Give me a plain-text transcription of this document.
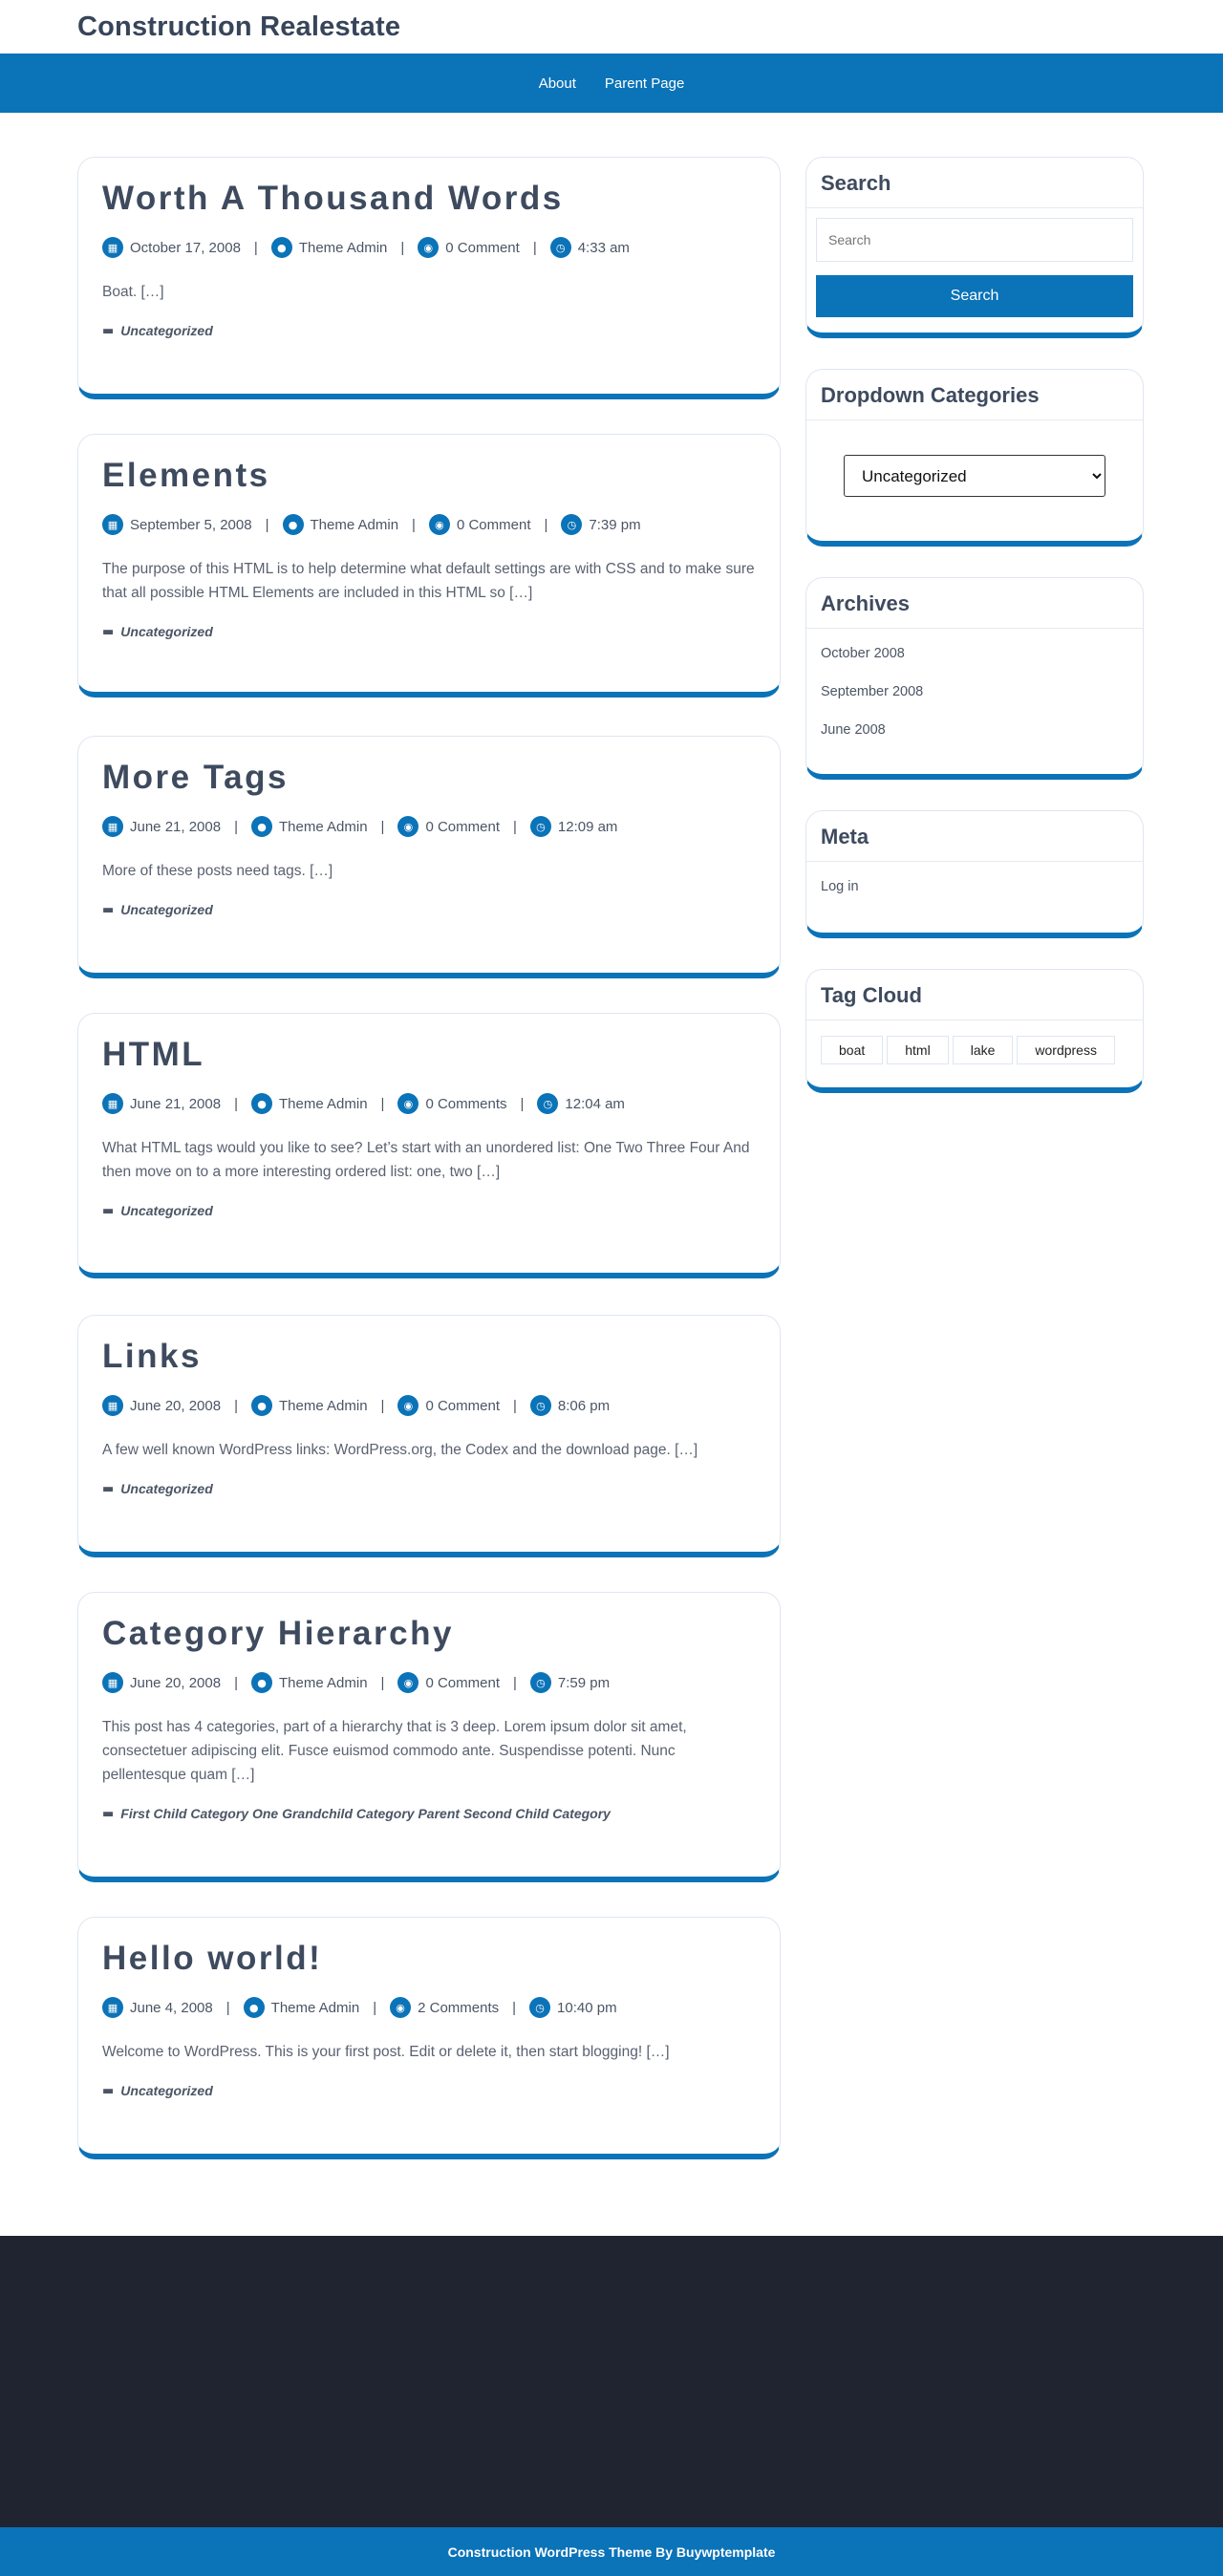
Construction Realestate
About Parent Page
Worth A Thousand Words
▦ October 17, 2008 |	● Theme Admin |	◉ 0 Comment |	◷ 4:33 am

Boat. […]

▬ Uncategorized
Elements
▦ September 5, 2008 |	● Theme Admin |	◉ 0 Comment |	◷ 7:39 pm

The purpose of this HTML is to help determine what default settings are with CSS and to make sure that all possible HTML Elements are included in this HTML so […]

▬ Uncategorized
More Tags
▦ June 21, 2008 |	● Theme Admin |	◉ 0 Comment |	◷ 12:09 am

More of these posts need tags. […]

▬ Uncategorized
HTML
▦ June 21, 2008 |	● Theme Admin |	◉ 0 Comments |	◷ 12:04 am

What HTML tags would you like to see? Let’s start with an unordered list: One Two Three Four And then move on to a more interesting ordered list: one, two […]

▬ Uncategorized
Links
▦ June 20, 2008 |	● Theme Admin |	◉ 0 Comment |	◷ 8:06 pm

A few well known WordPress links: WordPress.org, the Codex and the download page. […]

▬ Uncategorized
Category Hierarchy
▦ June 20, 2008 |	● Theme Admin |	◉ 0 Comment |	◷ 7:59 pm

This post has 4 categories, part of a hierarchy that is 3 deep. Lorem ipsum dolor sit amet, consectetuer adipiscing elit. Fusce euismod commodo ante. Suspendisse potenti. Nunc pellentesque quam […]

▬ First Child Category One Grandchild Category Parent Second Child Category
Hello world!
▦ June 4, 2008 |	● Theme Admin |	◉ 2 Comments |	◷ 10:40 pm

Welcome to WordPress. This is your first post. Edit or delete it, then start blogging! […]

▬ Uncategorized
Search
Search
Search
Dropdown Categories
Uncategorized
Archives
October 2008
September 2008
June 2008
Meta
Log in
Tag Cloud
boat	html	lake	wordpress
Construction WordPress Theme By Buywptemplate
